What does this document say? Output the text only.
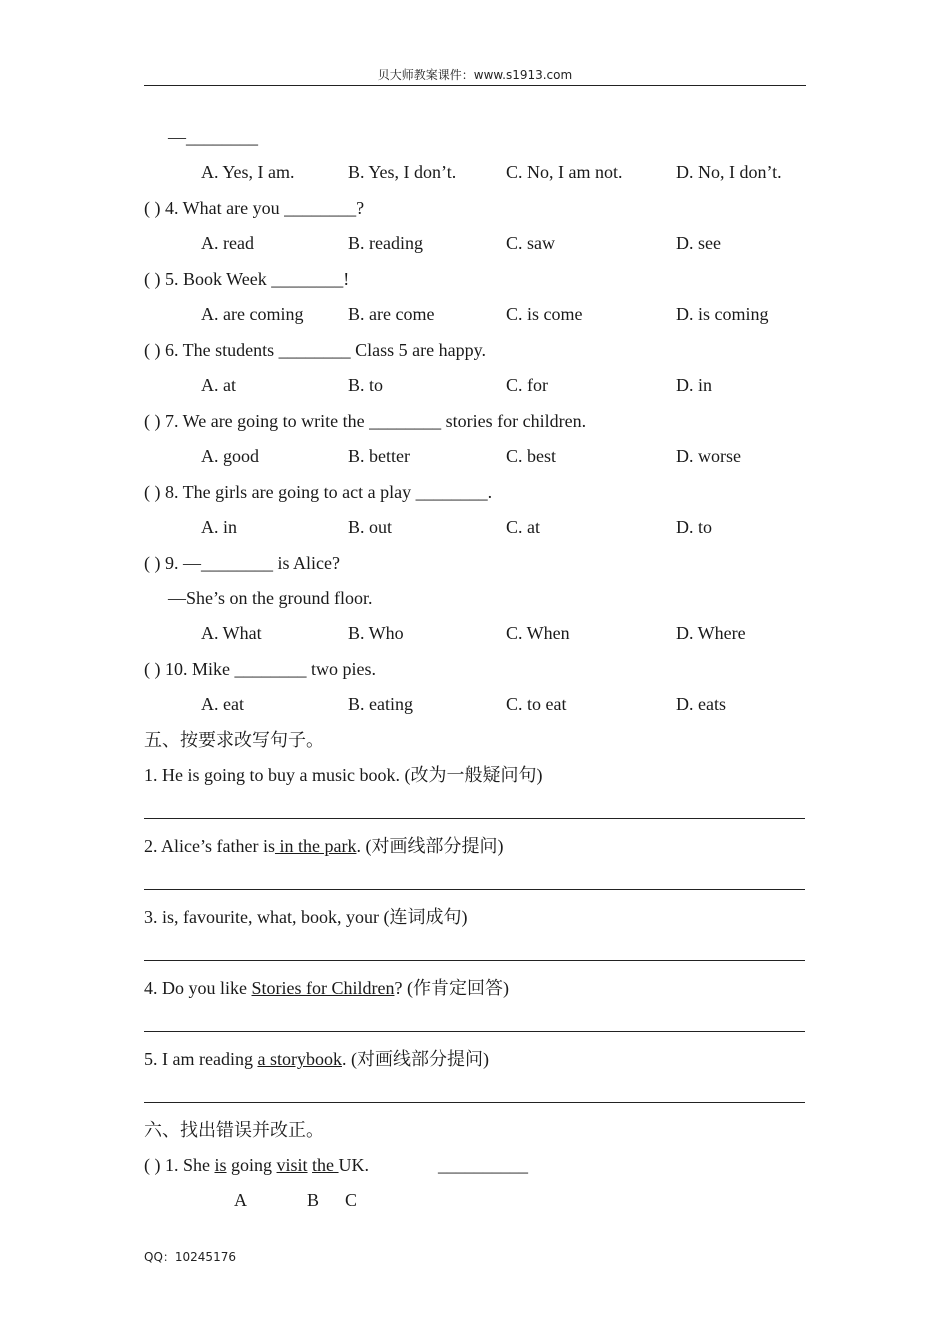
贝大师教案课件：www.s1913.com
—________
A. Yes, I am.	B. Yes, I don’t.	C. No, I am not.	D. No, I don’t.
( ) 4. What are you ________?
A. read	B. reading	C. saw	D. see
( ) 5. Book Week ________!
A. are coming B. are come	C. is come	D. is coming
( ) 6. The students ________ Class 5 are happy.
A. at	B. to	C. for	D. in
( ) 7. We are going to write the ________ stories for children.
A. good	B. better	C. best	D. worse
( ) 8. The girls are going to act a play ________.
A. in	B. out	C. at	D. to
( ) 9. —________ is Alice?
—She’s on the ground floor.
A. What	B. Who	C. When	D. Where
( ) 10. Mike ________ two pies.
A. eat	B. eating	C. to eat	D. eats
五、按要求改写句子。
1. He is going to buy a music book. (改为一般疑问句)
2. Alice’s father is in the park. (对画线部分提问)
3. is, favourite, what, book, your (连词成句)
4. Do you like Stories for Children? (作肯定回答)
5. I am reading a storybook. (对画线部分提问)
六、找出错误并改正。
( ) 1. She is going visit the UK.	__________
A	B C
QQ：10245176
